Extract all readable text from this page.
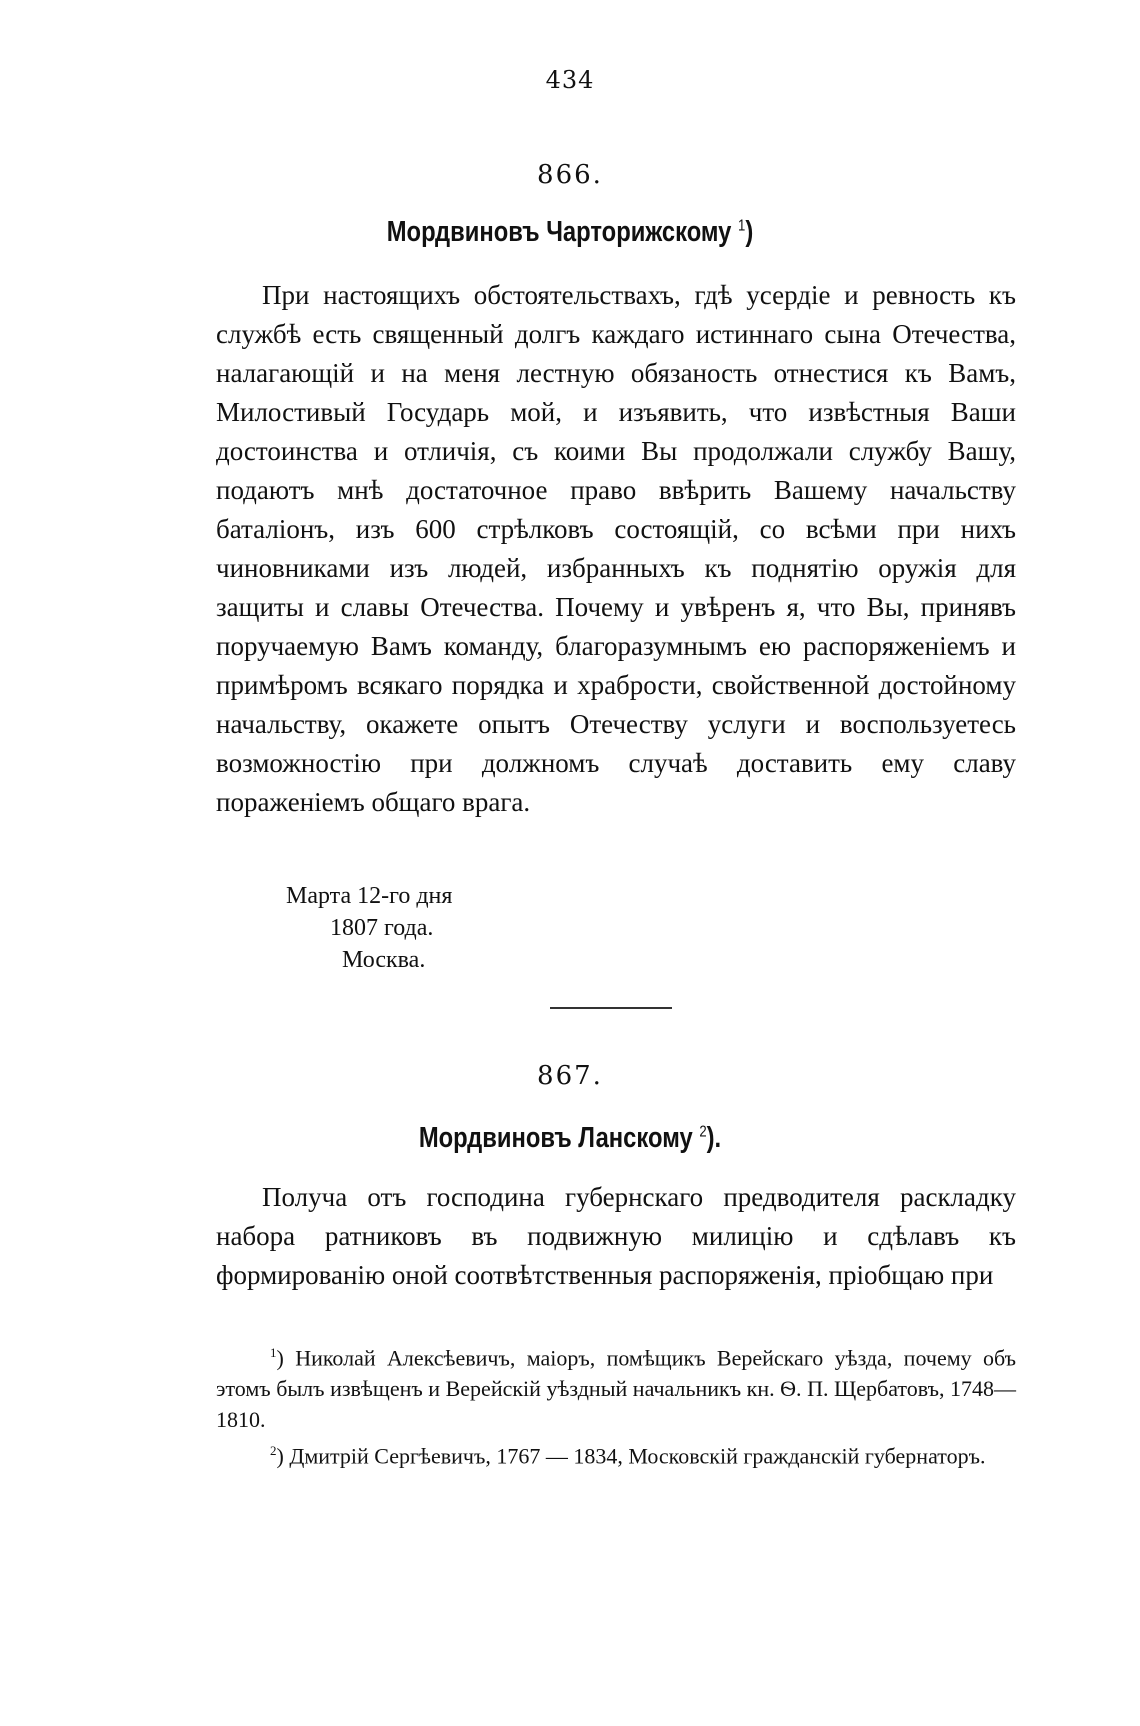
434
866.
Мордвиновъ Чарторижскому $^1$)

При настоящихъ обстоятельствахъ, гдѣ усердіе и ревность къ службѣ есть священный долгъ каждаго истиннаго сына Отечества, налагающій и на меня лестную обязаность отнестися къ Вамъ, Милостивый Государь мой, и изъявить, что извѣстныя Ваши достоинства и отличія, съ коими Вы продолжали службу Вашу, подаютъ мнѣ достаточное право ввѣрить Вашему начальству баталіонъ, изъ 600 стрѣлковъ состоящій, со всѣми при нихъ чиновниками изъ людей, избранныхъ къ поднятію оружія для защиты и славы Отечества. Почему и увѣренъ я, что Вы, принявъ поручаемую Вамъ команду, благоразумнымъ ею распоряженіемъ и примѣромъ всякаго порядка и храбрости, свойственной достойному начальству, окажете опытъ Отечеству услуги и воспользуетесь возможностію при должномъ случаѣ доставить ему славу пораженіемъ общаго врага.

Марта 12-го дня
1807 года.
Москва.
867.
Мордвиновъ Ланскому $^2$).

Получа отъ господина губернскаго предводителя раскладку набора ратниковъ въ подвижную милицію и сдѣлавъ къ формированію оной соотвѣтственныя распоряженія, пріобщаю при

$^1$) Николай Алексѣевичъ, маіоръ, помѣщикъ Верейскаго уѣзда, почему объ этомъ былъ извѣщенъ и Верейскій уѣздный начальникъ кн. Ѳ. П. Щербатовъ, 1748—1810.

$^2$) Дмитрій Сергѣевичъ, 1767 — 1834, Московскій гражданскій губернаторъ.
